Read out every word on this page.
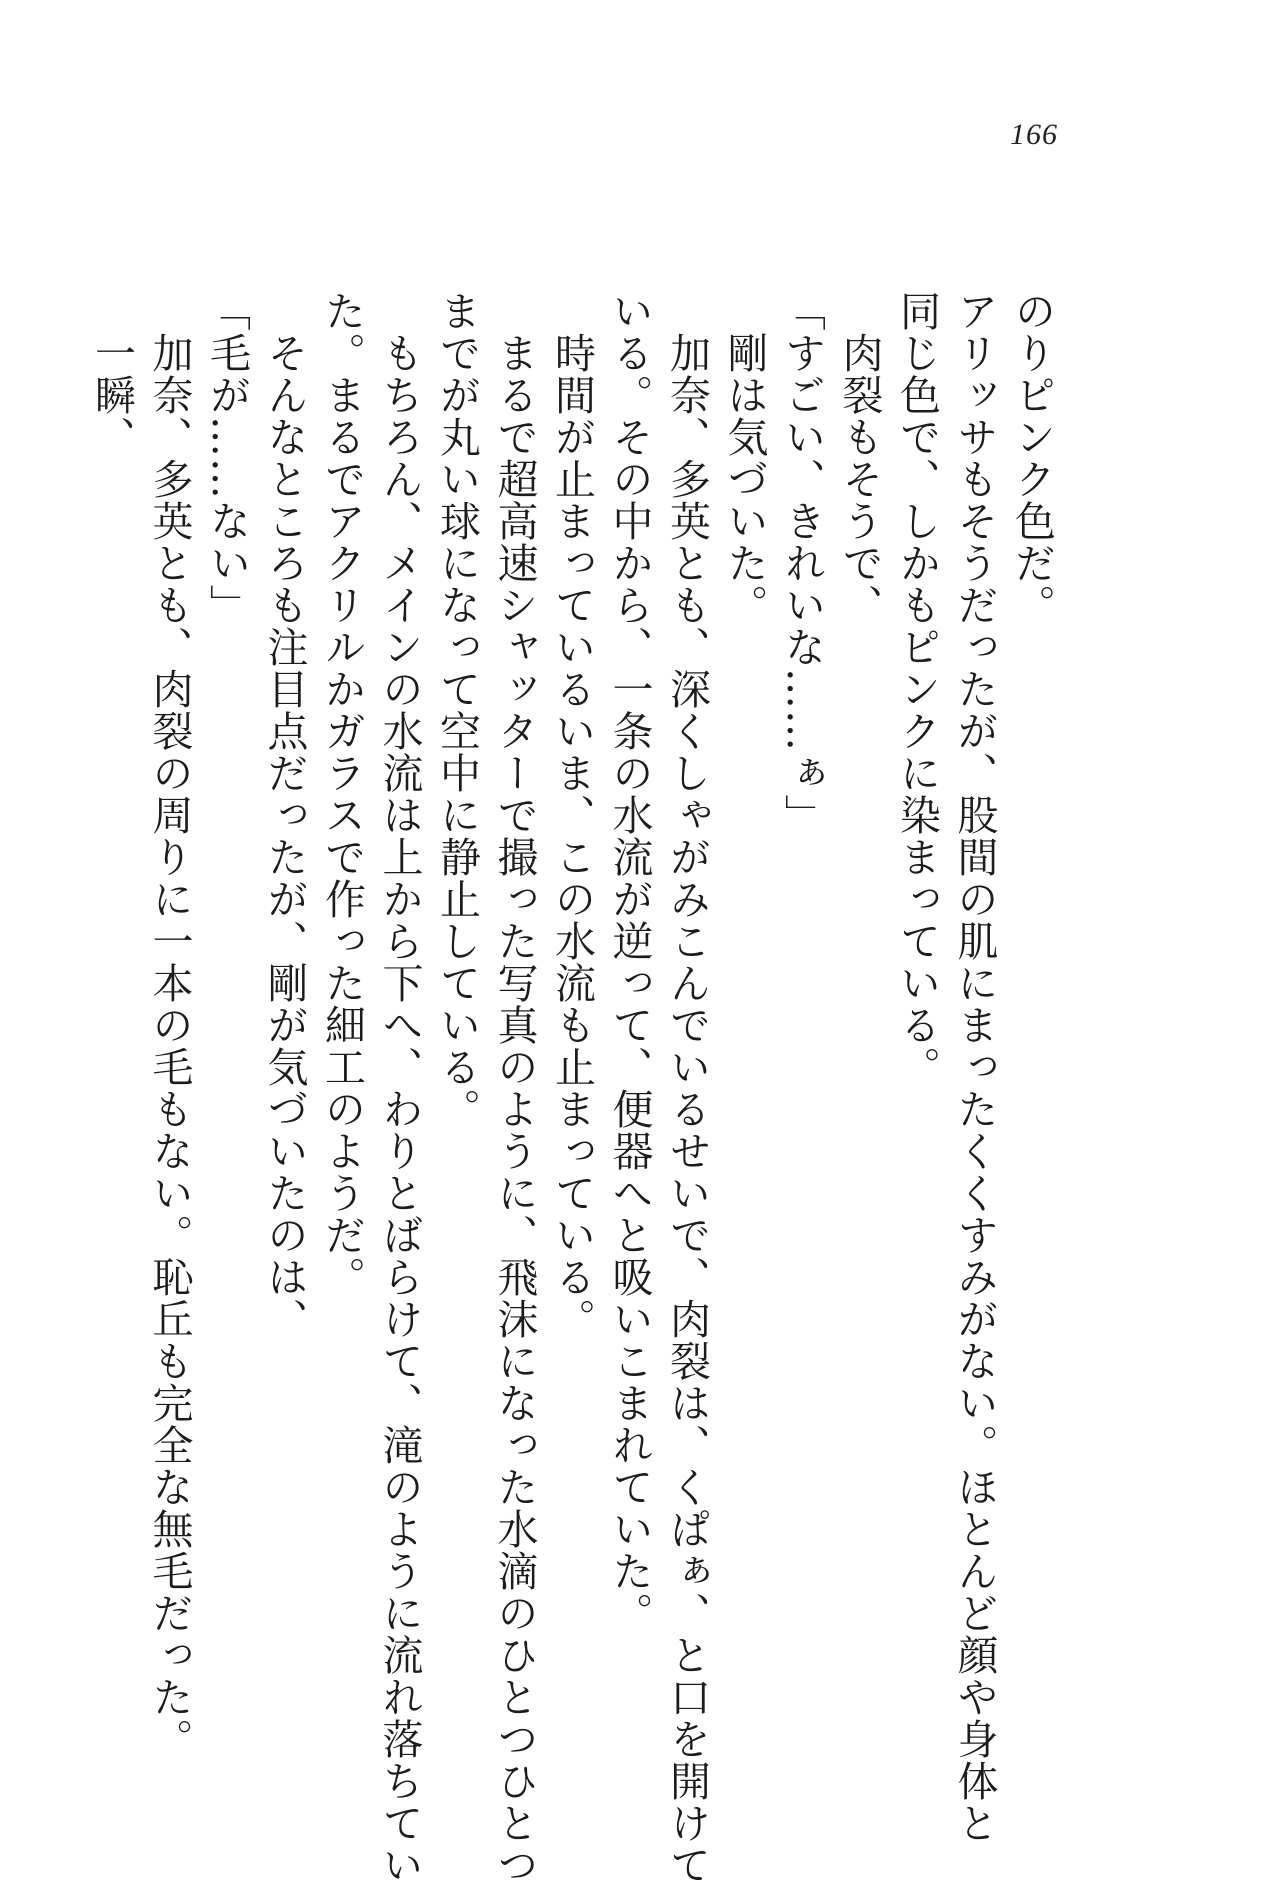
166

のりピンク色だ。

アリッサもそうだったが、股間の肌にまったくくすみがない。ほとんど顔や身体と

同じ色で、しかもピンクに染まっている。

　肉裂もそうで、

「すごい、きれいな……ぁ」

　剛は気づいた。

　加奈、多英とも、深くしゃがみこんでいるせいで、肉裂は、くぱぁ、と口を開けて

いる。その中から、一条の水流が逆って、便器へと吸いこまれていた。

　時間が止まっているいま、この水流も止まっている。

　まるで超高速シャッターで撮った写真のように、飛沫になった水滴のひとつひとつ

までが丸い球になって空中に静止している。

　もちろん、メインの水流は上から下へ、わりとばらけて、滝のように流れ落ちてい

た。まるでアクリルかガラスで作った細工のようだ。

　そんなところも注目点だったが、剛が気づいたのは、

「毛が……ない」

　加奈、多英とも、肉裂の周りに一本の毛もない。恥丘も完全な無毛だった。

　一瞬、
